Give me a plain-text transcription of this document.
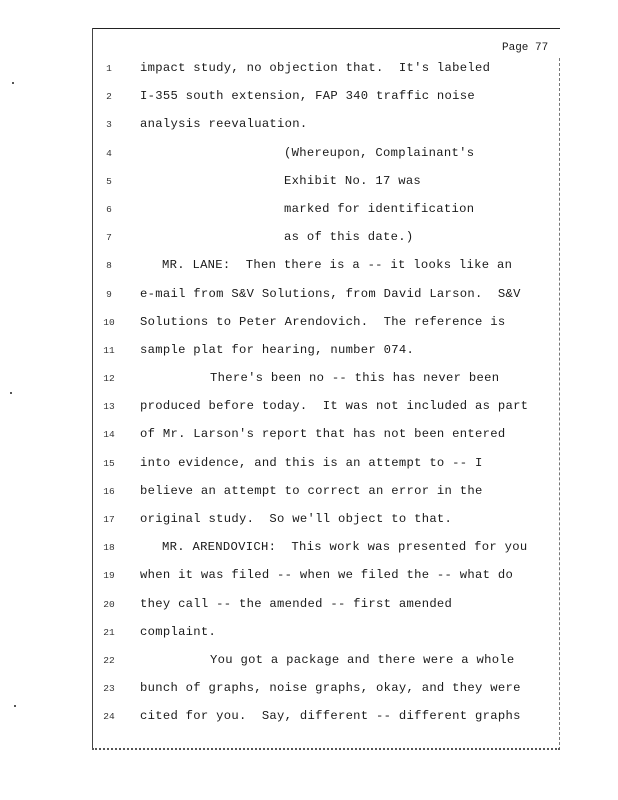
Page 77
1	impact study, no objection that.  It's labeled
2	I-355 south extension, FAP 340 traffic noise
3	analysis reevaluation.
4	(Whereupon, Complainant's
5	Exhibit No. 17 was
6	marked for identification
7	as of this date.)
8	MR. LANE:  Then there is a -- it looks like an
9	e-mail from S&V Solutions, from David Larson.  S&V
10 Solutions to Peter Arendovich.  The reference is
11 sample plat for hearing, number 074.
12	There's been no -- this has never been
13 produced before today.  It was not included as part
14 of Mr. Larson's report that has not been entered
15 into evidence, and this is an attempt to -- I
16 believe an attempt to correct an error in the
17 original study.  So we'll object to that.
18	MR. ARENDOVICH:  This work was presented for you
19 when it was filed -- when we filed the -- what do
20 they call -- the amended -- first amended
21 complaint.
22	You got a package and there were a whole
23 bunch of graphs, noise graphs, okay, and they were
24 cited for you.  Say, different -- different graphs
